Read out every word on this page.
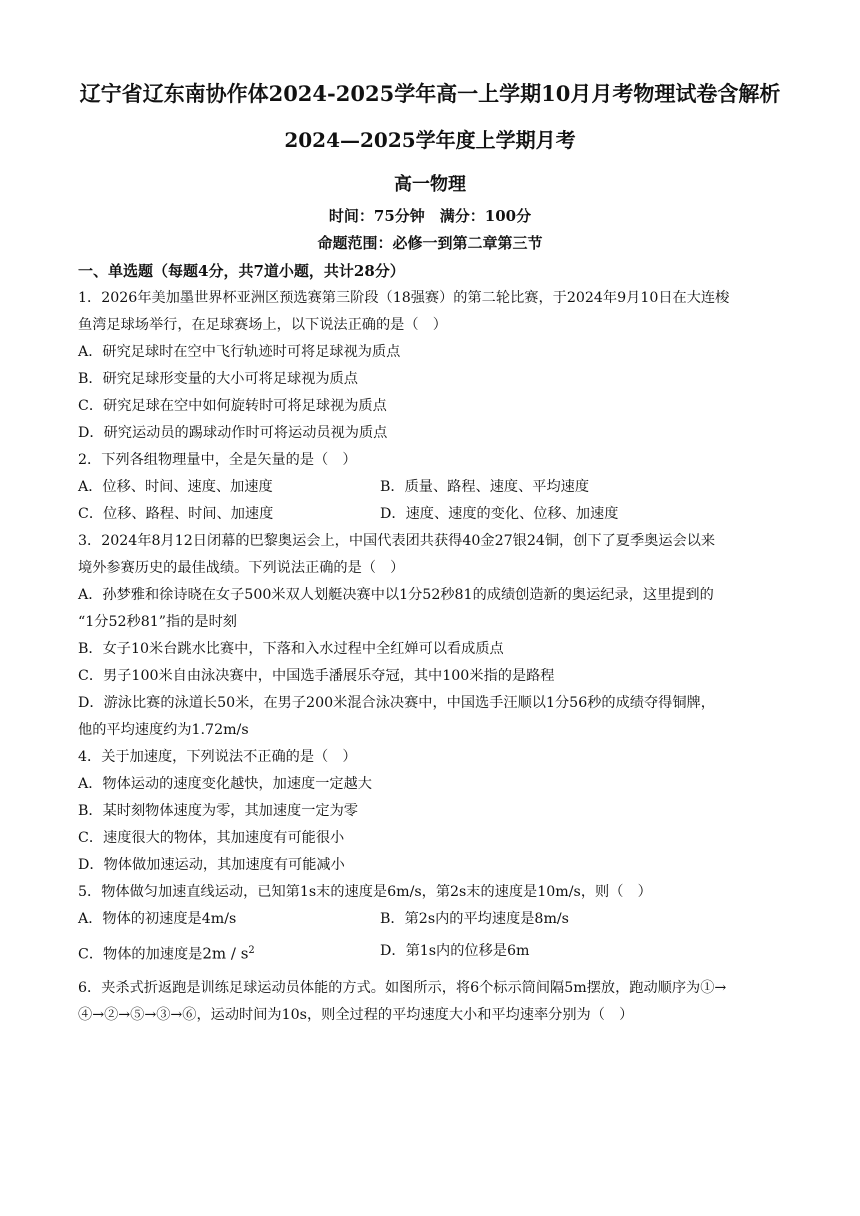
辽宁省辽东南协作体2024-2025学年高一上学期10月月考物理试卷含解析
2024—2025学年度上学期月考
高一物理
时间：75分钟　满分：100分
命题范围：必修一到第二章第三节
一、单选题（每题4分，共7道小题，共计28分）
1．2026年美加墨世界杯亚洲区预选赛第三阶段（18强赛）的第二轮比赛，于2024年9月10日在大连梭
鱼湾足球场举行，在足球赛场上，以下说法正确的是（　）
A．研究足球时在空中飞行轨迹时可将足球视为质点
B．研究足球形变量的大小可将足球视为质点
C．研究足球在空中如何旋转时可将足球视为质点
D．研究运动员的踢球动作时可将运动员视为质点
2．下列各组物理量中，全是矢量的是（　）
A．位移、时间、速度、加速度	B．质量、路程、速度、平均速度
C．位移、路程、时间、加速度	D．速度、速度的变化、位移、加速度
3．2024年8月12日闭幕的巴黎奥运会上，中国代表团共获得40金27银24铜，创下了夏季奥运会以来
境外参赛历史的最佳战绩。下列说法正确的是（　）
A．孙梦雅和徐诗晓在女子500米双人划艇决赛中以1分52秒81的成绩创造新的奥运纪录，这里提到的
“1分52秒81”指的是时刻
B．女子10米台跳水比赛中，下落和入水过程中全红婵可以看成质点
C．男子100米自由泳决赛中，中国选手潘展乐夺冠，其中100米指的是路程
D．游泳比赛的泳道长50米，在男子200米混合泳决赛中，中国选手汪顺以1分56秒的成绩夺得铜牌，
他的平均速度约为1.72m/s
4．关于加速度，下列说法不正确的是（　）
A．物体运动的速度变化越快，加速度一定越大
B．某时刻物体速度为零，其加速度一定为零
C．速度很大的物体，其加速度有可能很小
D．物体做加速运动，其加速度有可能减小
5．物体做匀加速直线运动，已知第1s末的速度是6m/s，第2s末的速度是10m/s，则（　）
A．物体的初速度是4m/s	B．第2s内的平均速度是8m/s
C．物体的加速度是$2m / s^2$	D．第1s内的位移是6m
6．夹杀式折返跑是训练足球运动员体能的方式。如图所示，将6个标示筒间隔5m摆放，跑动顺序为①→
④→②→⑤→③→⑥，运动时间为10s，则全过程的平均速度大小和平均速率分别为（　）
